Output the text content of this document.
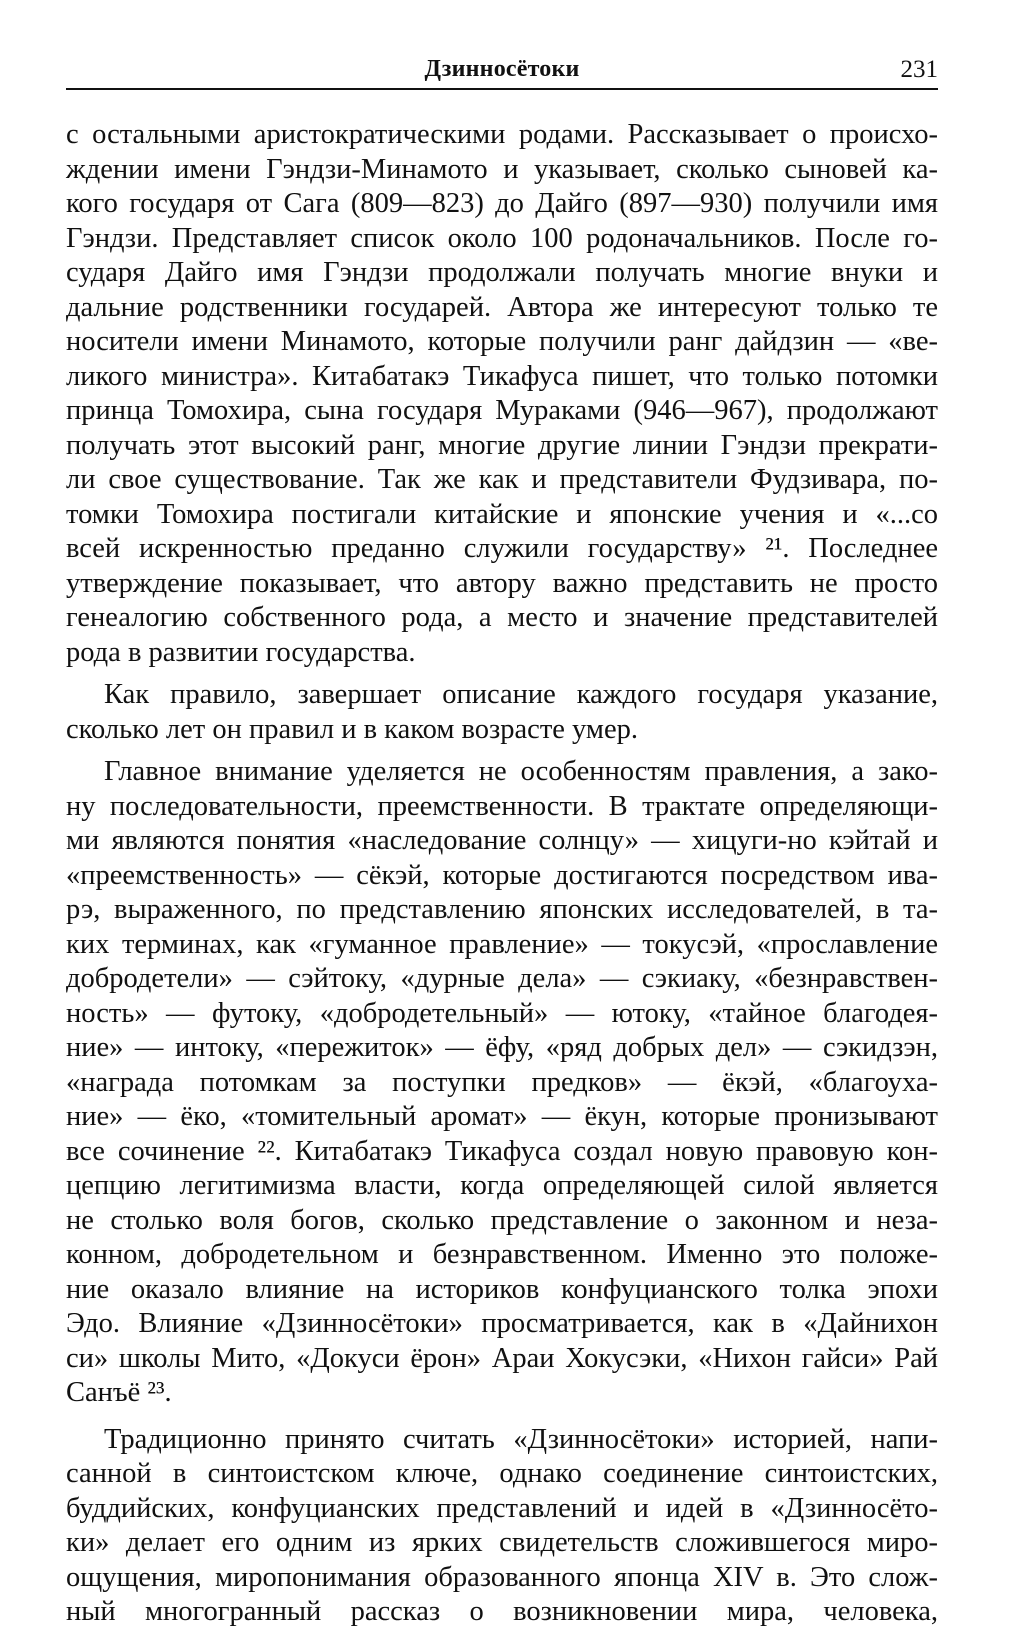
Дзинносётоки	231
с остальными аристократическими родами. Рассказывает о происхо-
ждении имени Гэндзи-Минамото и указывает, сколько сыновей ка-
кого государя от Сага (809—823) до Дайго (897—930) получили имя
Гэндзи. Представляет список около 100 родоначальников. После го-
сударя Дайго имя Гэндзи продолжали получать многие внуки и
дальние родственники государей. Автора же интересуют только те
носители имени Минамото, которые получили ранг дайдзин — «ве-
ликого министра». Китабатакэ Тикафуса пишет, что только потомки
принца Томохира, сына государя Мураками (946—967), продолжают
получать этот высокий ранг, многие другие линии Гэндзи прекрати-
ли свое существование. Так же как и представители Фудзивара, по-
томки Томохира постигали китайские и японские учения и «...со
всей искренностью преданно служили государству» ²¹. Последнее
утверждение показывает, что автору важно представить не просто
генеалогию собственного рода, а место и значение представителей
рода в развитии государства.
Как правило, завершает описание каждого государя указание,
сколько лет он правил и в каком возрасте умер.
Главное внимание уделяется не особенностям правления, а зако-
ну последовательности, преемственности. В трактате определяющи-
ми являются понятия «наследование солнцу» — хицуги-но кэйтай и
«преемственность» — сёкэй, которые достигаются посредством ива-
рэ, выраженного, по представлению японских исследователей, в та-
ких терминах, как «гуманное правление» — токусэй, «прославление
добродетели» — сэйтоку, «дурные дела» — сэкиаку, «безнравствен-
ность» — футоку, «добродетельный» — ютоку, «тайное благодея-
ние» — интоку, «пережиток» — ёфу, «ряд добрых дел» — сэкидзэн,
«награда потомкам за поступки предков» — ёкэй, «благоуха-
ние» — ёко, «томительный аромат» — ёкун, которые пронизывают
все сочинение ²². Китабатакэ Тикафуса создал новую правовую кон-
цепцию легитимизма власти, когда определяющей силой является
не столько воля богов, сколько представление о законном и неза-
конном, добродетельном и безнравственном. Именно это положе-
ние оказало влияние на историков конфуцианского толка эпохи
Эдо. Влияние «Дзинносётоки» просматривается, как в «Дайнихон
си» школы Мито, «Докуси ёрон» Араи Хокусэки, «Нихон гайси» Рай
Санъё ²³.
Традиционно принято считать «Дзинносётоки» историей, напи-
санной в синтоистском ключе, однако соединение синтоистских,
буддийских, конфуцианских представлений и идей в «Дзинносёто-
ки» делает его одним из ярких свидетельств сложившегося миро-
ощущения, миропонимания образованного японца XIV в. Это слож-
ный многогранный рассказ о возникновении мира, человека,
